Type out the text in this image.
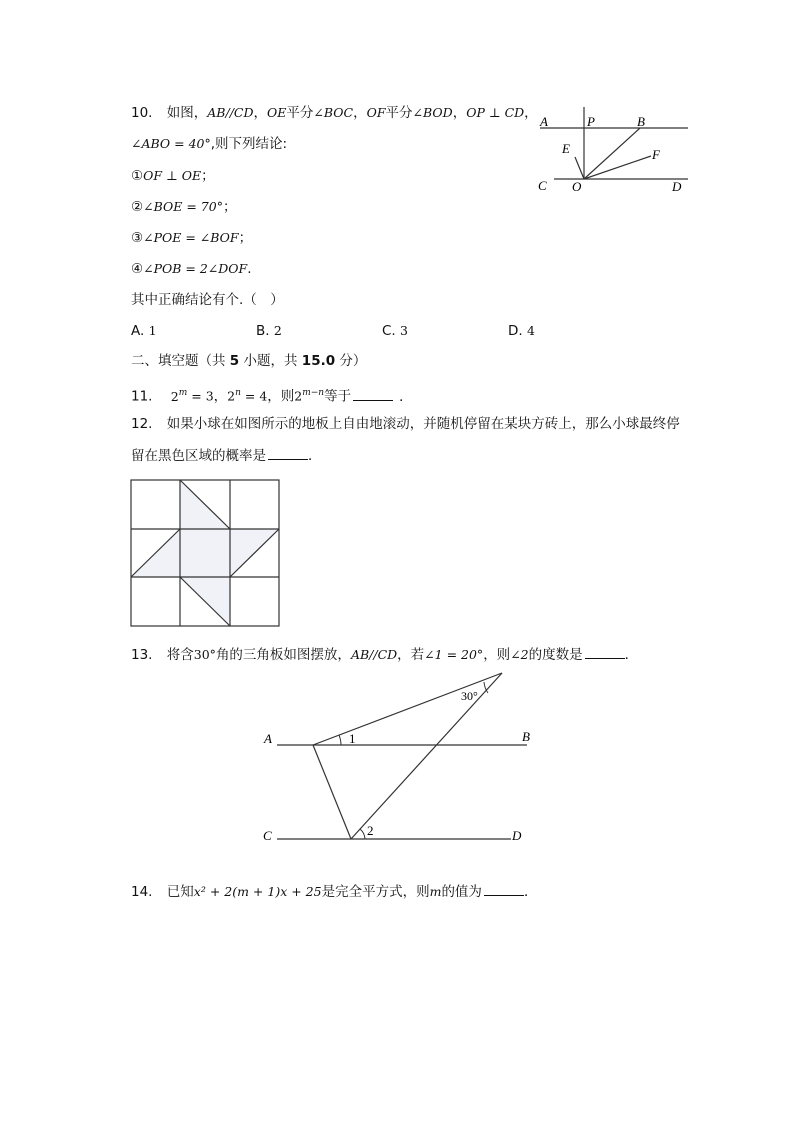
10. 如图，AB//CD，OE平分∠BOC，OF平分∠BOD，OP ⊥ CD，
∠ABO = 40°,则下列结论:
①OF ⊥ OE；
②∠BOE = 70°；
③∠POE = ∠BOF；
④∠POB = 2∠DOF.
其中正确结论有个.（　）
A. 1	B. 2	C. 3	D. 4
A	P	B
E	F
C O	D
二、填空题（共 5 小题，共 15.0 分）
11. $2^m = 3$，$2^n = 4$，则$2^{m-n}$等于	．
12. 如果小球在如图所示的地板上自由地滚动，并随机停留在某块方砖上，那么小球最终停
留在黑色区域的概率是	．
13. 将含30°角的三角板如图摆放，AB//CD，若∠1 = 20°，则∠2的度数是	．
A	B
C	D
1
2
30°
14. 已知x² + 2(m + 1)x + 25是完全平方式，则m的值为	．
